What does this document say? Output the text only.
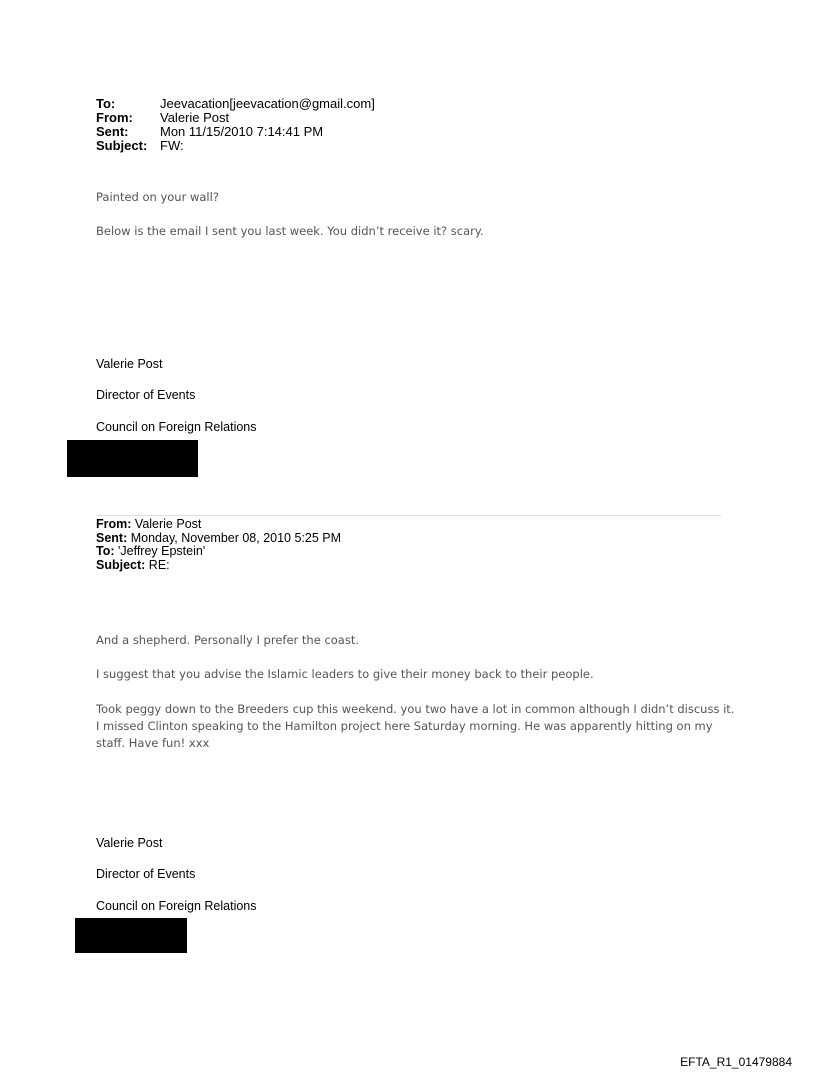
To:	Jeevacation[jeevacation@gmail.com]
From:	Valerie Post
Sent:	Mon 11/15/2010 7:14:41 PM
Subject: FW:
Painted on your wall?
Below is the email I sent you last week. You didn’t receive it? scary.
Valerie Post
Director of Events
Council on Foreign Relations
From: Valerie Post
Sent: Monday, November 08, 2010 5:25 PM
To: 'Jeffrey Epstein'
Subject: RE:
And a shepherd. Personally I prefer the coast.
I suggest that you advise the Islamic leaders to give their money back to their people.
Took peggy down to the Breeders cup this weekend. you two have a lot in common although I didn’t discuss it. I missed Clinton speaking to the Hamilton project here Saturday morning. He was apparently hitting on my staff. Have fun! xxx
Valerie Post
Director of Events
Council on Foreign Relations
EFTA_R1_01479884
